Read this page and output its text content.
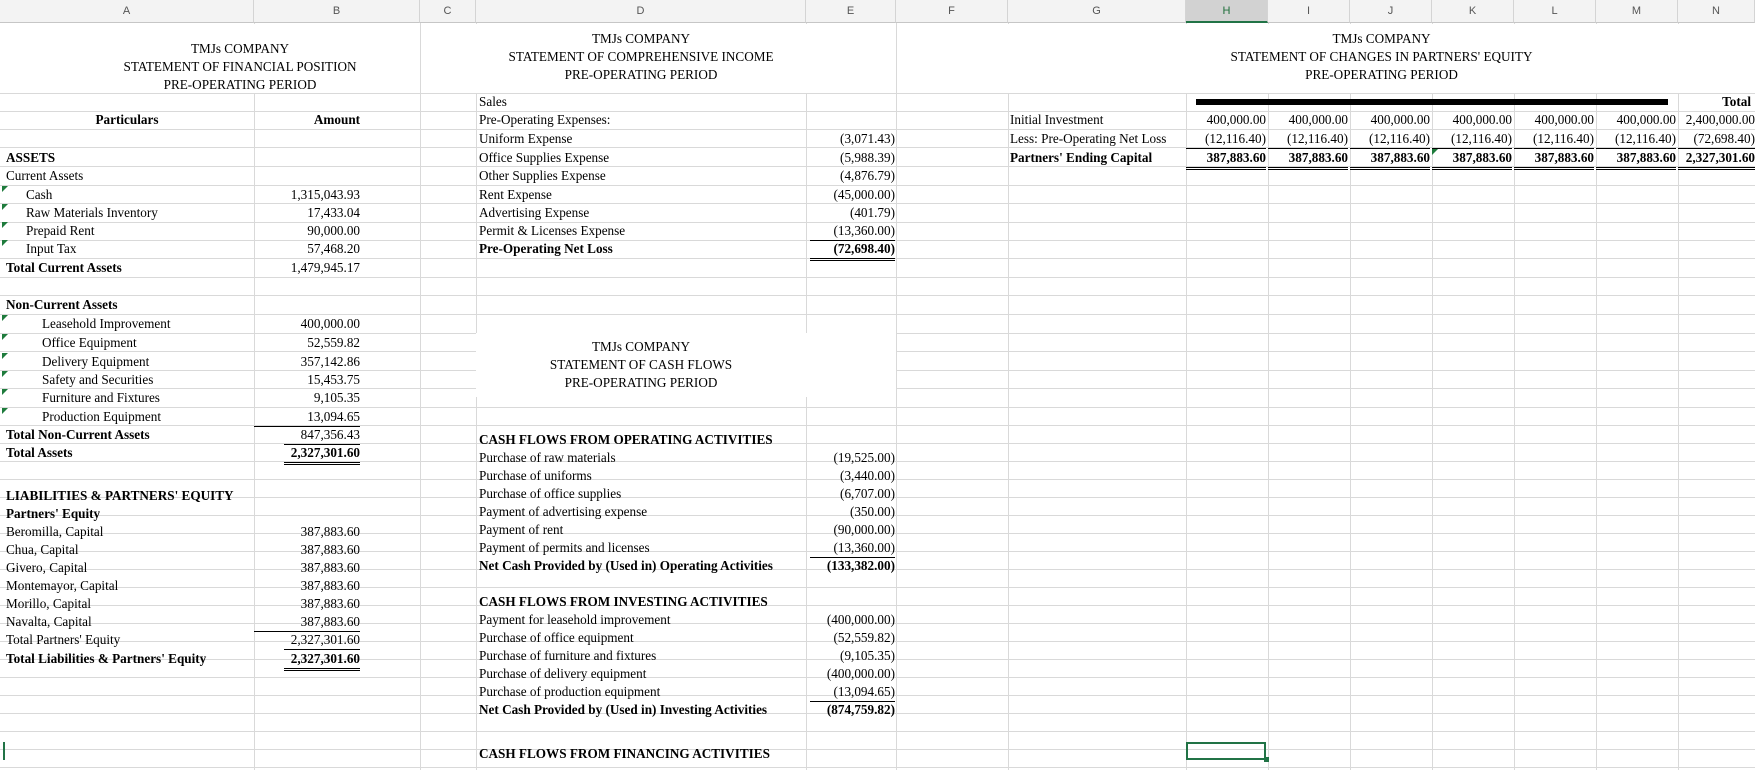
A	B	C	D	E	F	G	H	I	J	K	L	M	N
TMJs COMPANY
STATEMENT OF FINANCIAL POSITION
PRE-OPERATING PERIOD
Particulars	Amount
ASSETS
Current Assets
Cash	1,315,043.93
Raw Materials Inventory	17,433.04
Prepaid Rent	90,000.00
Input Tax	57,468.20
Total Current Assets	1,479,945.17
Non-Current Assets
Leasehold Improvement	400,000.00
Office Equipment	52,559.82
Delivery Equipment	357,142.86
Safety and Securities	15,453.75
Furniture and Fixtures	9,105.35
Production Equipment	13,094.65
Total Non-Current Assets	847,356.43
Total Assets	2,327,301.60
LIABILITIES & PARTNERS' EQUITY
Partners' Equity
Beromilla, Capital	387,883.60
Chua, Capital	387,883.60
Givero, Capital	387,883.60
Montemayor, Capital	387,883.60
Morillo, Capital	387,883.60
Navalta, Capital	387,883.60
Total Partners' Equity	2,327,301.60
Total Liabilities & Partners' Equity	2,327,301.60
TMJs COMPANY
STATEMENT OF COMPREHENSIVE INCOME
PRE-OPERATING PERIOD
Sales
Pre-Operating Expenses:
Uniform Expense	(3,071.43)
Office Supplies Expense	(5,988.39)
Other Supplies Expense	(4,876.79)
Rent Expense	(45,000.00)
Advertising Expense	(401.79)
Permit & Licenses Expense	(13,360.00)
Pre-Operating Net Loss	(72,698.40)
TMJs COMPANY
STATEMENT OF CASH FLOWS
PRE-OPERATING PERIOD
CASH FLOWS FROM OPERATING ACTIVITIES
Purchase of raw materials	(19,525.00)
Purchase of uniforms	(3,440.00)
Purchase of office supplies	(6,707.00)
Payment of advertising expense	(350.00)
Payment of rent	(90,000.00)
Payment of permits and licenses	(13,360.00)
Net Cash Provided by (Used in) Operating Activities	(133,382.00)
CASH FLOWS FROM INVESTING ACTIVITIES
Payment for leasehold improvement	(400,000.00)
Purchase of office equipment	(52,559.82)
Purchase of furniture and fixtures	(9,105.35)
Purchase of delivery equipment	(400,000.00)
Purchase of production equipment	(13,094.65)
Net Cash Provided by (Used in) Investing Activities	(874,759.82)
CASH FLOWS FROM FINANCING ACTIVITIES
TMJs COMPANY
STATEMENT OF CHANGES IN PARTNERS' EQUITY
PRE-OPERATING PERIOD
Total
Initial Investment	400,000.00	400,000.00	400,000.00	400,000.00	400,000.00	400,000.00 2,400,000.00
Less: Pre-Operating Net Loss	(12,116.40)	(12,116.40)	(12,116.40)	(12,116.40)	(12,116.40)	(12,116.40)	(72,698.40)
Partners' Ending Capital	387,883.60	387,883.60	387,883.60	387,883.60	387,883.60	387,883.60 2,327,301.60
